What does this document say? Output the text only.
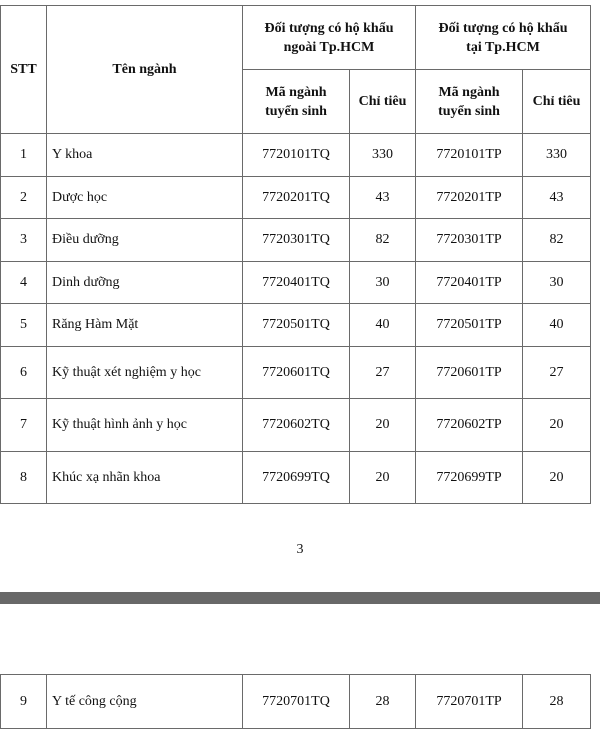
STT	Tên ngành	Đối tượng có hộ khẩu ngoài Tp.HCM		Đối tượng có hộ khẩu tại Tp.HCM	
		Mã ngành tuyển sinh	Chỉ tiêu	Mã ngành tuyển sinh	Chỉ tiêu
1	Y khoa	7720101TQ	330	7720101TP	330
2	Dược học	7720201TQ	43	7720201TP	43
3	Điều dưỡng	7720301TQ	82	7720301TP	82
4	Dinh dưỡng	7720401TQ	30	7720401TP	30
5	Răng Hàm Mặt	7720501TQ	40	7720501TP	40
6	Kỹ thuật xét nghiệm y học	7720601TQ	27	7720601TP	27
7	Kỹ thuật hình ảnh y học	7720602TQ	20	7720602TP	20
8	Khúc xạ nhãn khoa	7720699TQ	20	7720699TP	20
3
9	Y tế công cộng	7720701TQ	28	7720701TP	28
